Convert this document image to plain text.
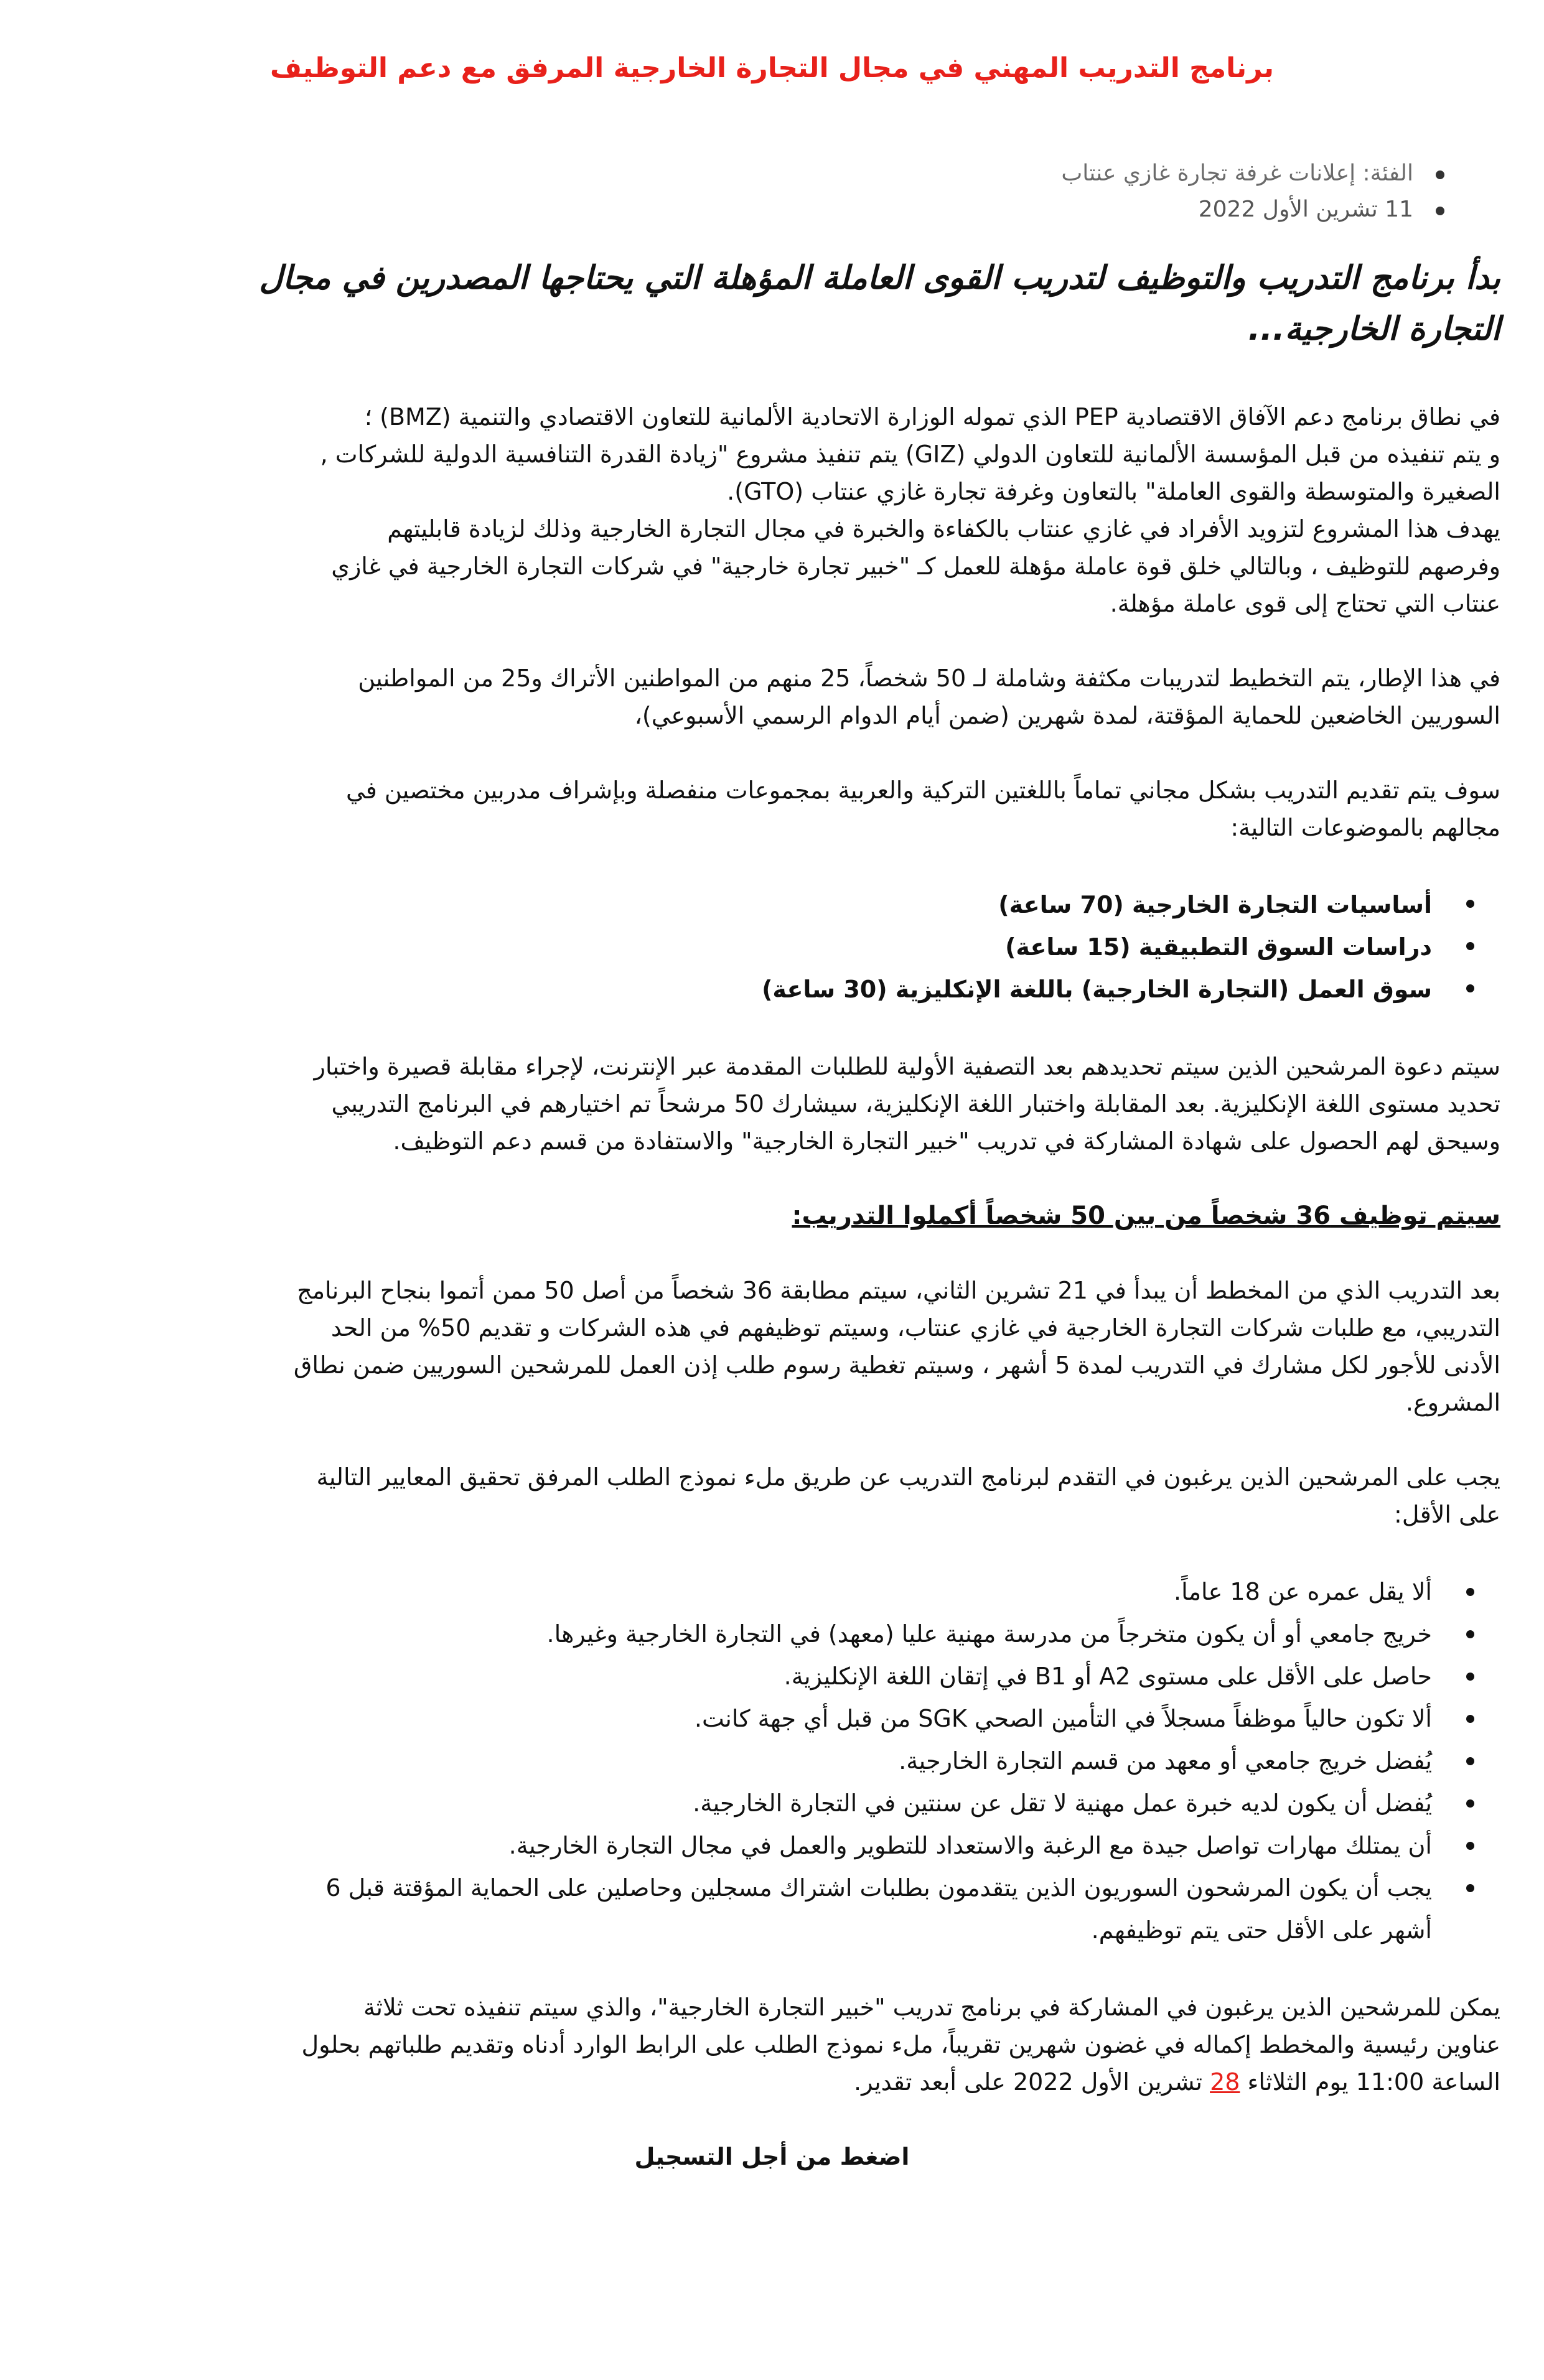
برنامج التدريب المهني في مجال التجارة الخارجية المرفق مع دعم التوظيف
الفئة: إعلانات غرفة تجارة غازي عنتاب
11 تشرين الأول 2022
بدأ برنامج التدريب والتوظيف لتدريب القوى العاملة المؤهلة التي يحتاجها المصدرين في مجال
التجارة الخارجية...
في نطاق برنامج دعم الآفاق الاقتصادية PEP الذي تموله الوزارة الاتحادية الألمانية للتعاون الاقتصادي والتنمية (BMZ) ؛
و يتم تنفيذه من قبل المؤسسة الألمانية للتعاون الدولي (GIZ) يتم تنفيذ مشروع "زيادة القدرة التنافسية الدولية للشركات ,
الصغيرة والمتوسطة والقوى العاملة" بالتعاون وغرفة تجارة غازي عنتاب (GTO).
يهدف هذا المشروع لتزويد الأفراد في غازي عنتاب بالكفاءة والخبرة في مجال التجارة الخارجية وذلك لزيادة قابليتهم
وفرصهم للتوظيف ، وبالتالي خلق قوة عاملة مؤهلة للعمل كـ "خبير تجارة خارجية" في شركات التجارة الخارجية في غازي
عنتاب التي تحتاج إلى قوى عاملة مؤهلة.
في هذا الإطار، يتم التخطيط لتدريبات مكثفة وشاملة لـ 50 شخصاً، 25 منهم من المواطنين الأتراك و25 من المواطنين
السوريين الخاضعين للحماية المؤقتة، لمدة شهرين (ضمن أيام الدوام الرسمي الأسبوعي)،
سوف يتم تقديم التدريب بشكل مجاني تماماً باللغتين التركية والعربية بمجموعات منفصلة وبإشراف مدربين مختصين في
مجالهم بالموضوعات التالية:
أساسيات التجارة الخارجية (70 ساعة)
دراسات السوق التطبيقية (15 ساعة)
سوق العمل (التجارة الخارجية) باللغة الإنكليزية (30 ساعة)
سيتم دعوة المرشحين الذين سيتم تحديدهم بعد التصفية الأولية للطلبات المقدمة عبر الإنترنت، لإجراء مقابلة قصيرة واختبار
تحديد مستوى اللغة الإنكليزية. بعد المقابلة واختبار اللغة الإنكليزية، سيشارك 50 مرشحاً تم اختيارهم في البرنامج التدريبي
وسيحق لهم الحصول على شهادة المشاركة في تدريب "خبير التجارة الخارجية" والاستفادة من قسم دعم التوظيف.
سيتم توظيف 36 شخصاً من بين 50 شخصاً أكملوا التدريب:
بعد التدريب الذي من المخطط أن يبدأ في 21 تشرين الثاني، سيتم مطابقة 36 شخصاً من أصل 50 ممن أتموا بنجاح البرنامج
التدريبي، مع طلبات شركات التجارة الخارجية في غازي عنتاب، وسيتم توظيفهم في هذه الشركات و تقديم 50% من الحد
الأدنى للأجور لكل مشارك في التدريب لمدة 5 أشهر ، وسيتم تغطية رسوم طلب إذن العمل للمرشحين السوريين ضمن نطاق
المشروع.
يجب على المرشحين الذين يرغبون في التقدم لبرنامج التدريب عن طريق ملء نموذج الطلب المرفق تحقيق المعايير التالية
على الأقل:
ألا يقل عمره عن 18 عاماً.
خريج جامعي أو أن يكون متخرجاً من مدرسة مهنية عليا (معهد) في التجارة الخارجية وغيرها.
حاصل على الأقل على مستوى A2 أو B1 في إتقان اللغة الإنكليزية.
ألا تكون حالياً موظفاً مسجلاً في التأمين الصحي SGK من قبل أي جهة كانت.
يُفضل خريج جامعي أو معهد من قسم التجارة الخارجية.
يُفضل أن يكون لديه خبرة عمل مهنية لا تقل عن سنتين في التجارة الخارجية.
أن يمتلك مهارات تواصل جيدة مع الرغبة والاستعداد للتطوير والعمل في مجال التجارة الخارجية.
يجب أن يكون المرشحون السوريون الذين يتقدمون بطلبات اشتراك مسجلين وحاصلين على الحماية المؤقتة قبل 6
أشهر على الأقل حتى يتم توظيفهم.
يمكن للمرشحين الذين يرغبون في المشاركة في برنامج تدريب "خبير التجارة الخارجية"، والذي سيتم تنفيذه تحت ثلاثة
عناوين رئيسية والمخطط إكماله في غضون شهرين تقريباً، ملء نموذج الطلب على الرابط الوارد أدناه وتقديم طلباتهم بحلول
الساعة 11:00 يوم الثلاثاء 28 تشرين الأول 2022 على أبعد تقدير.
اضغط من أجل التسجيل
